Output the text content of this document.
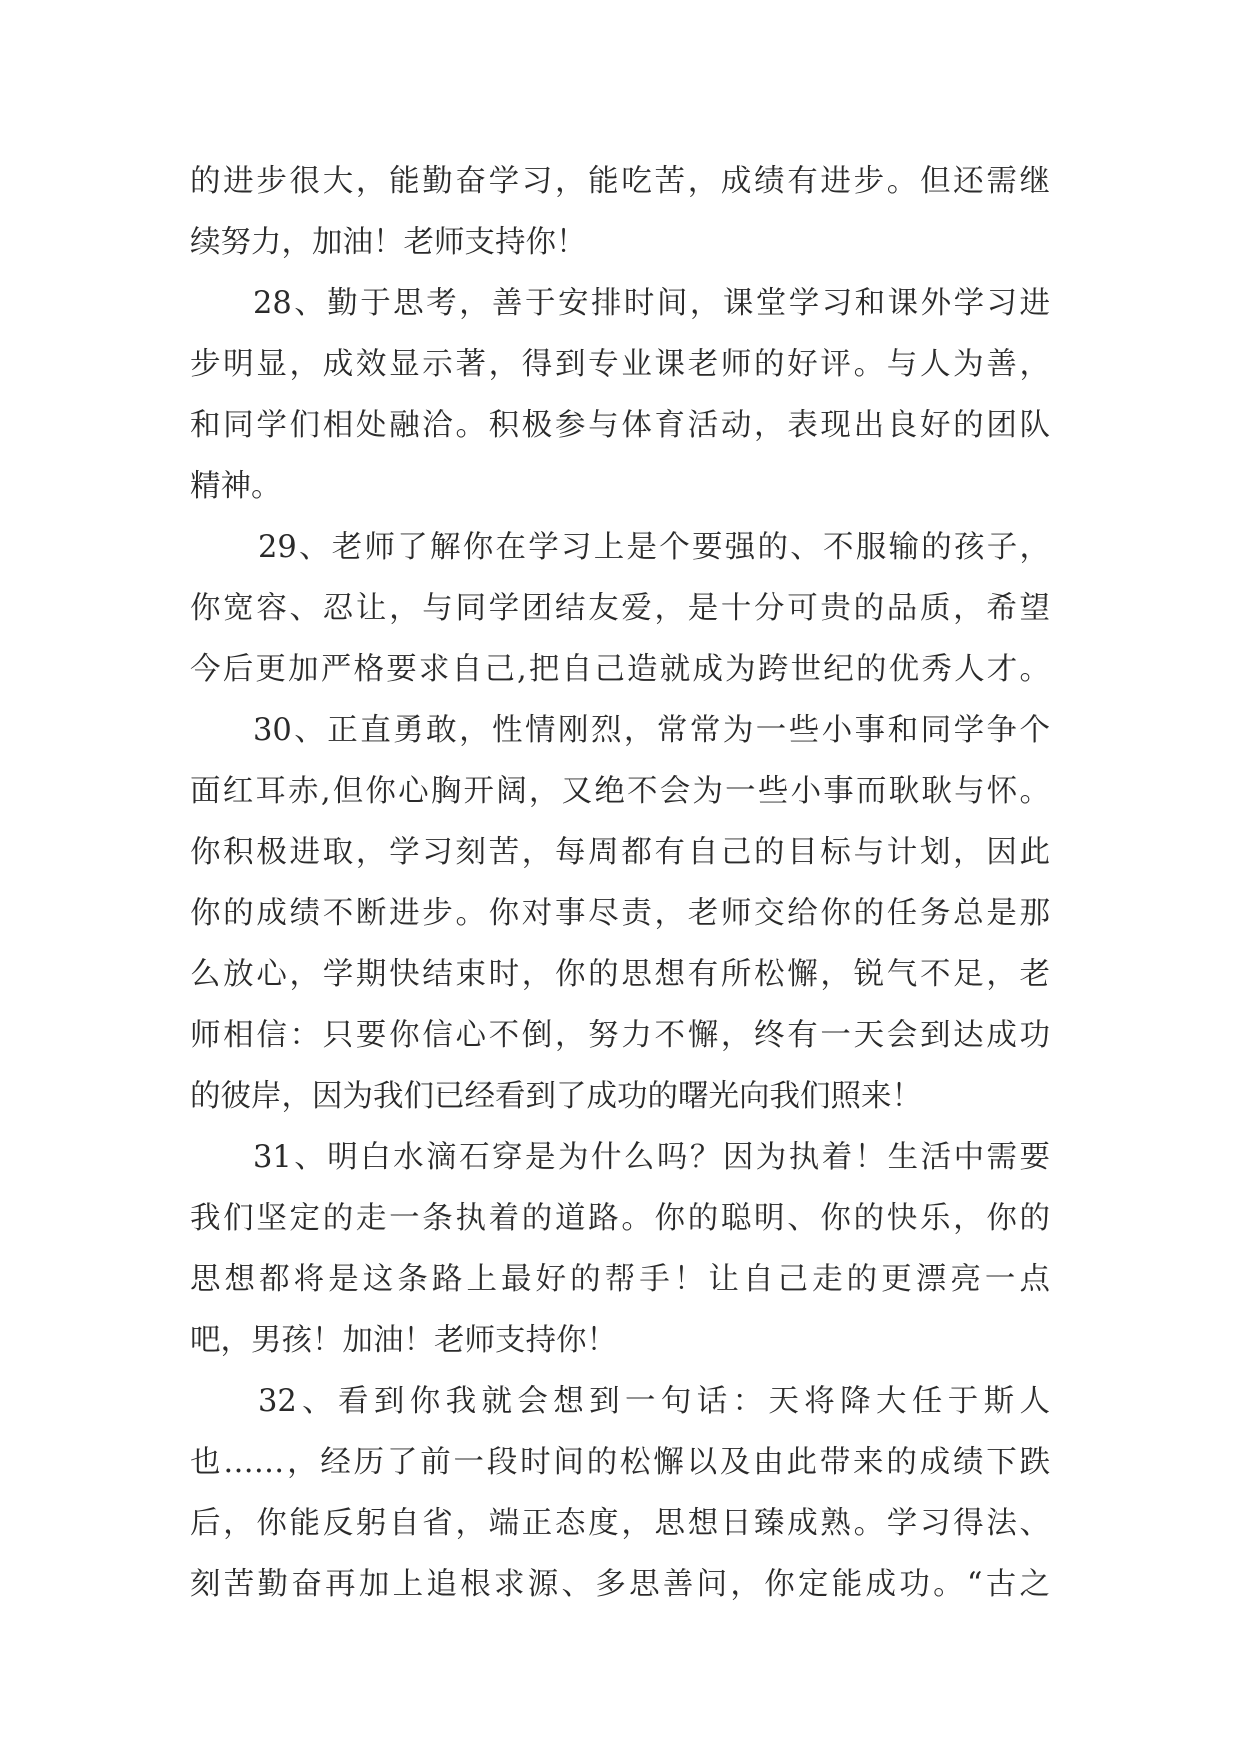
的进步很大，能勤奋学习，能吃苦，成绩有进步。但还需继
续努力，加油！老师支持你！
28、勤于思考，善于安排时间，课堂学习和课外学习进
步明显，成效显示著，得到专业课老师的好评。与人为善，
和同学们相处融洽。积极参与体育活动，表现出良好的团队
精神。
29、老师了解你在学习上是个要强的、不服输的孩子，
你宽容、忍让，与同学团结友爱，是十分可贵的品质，希望
今后更加严格要求自己,把自己造就成为跨世纪的优秀人才。
30、正直勇敢，性情刚烈，常常为一些小事和同学争个
面红耳赤,但你心胸开阔，又绝不会为一些小事而耿耿与怀。
你积极进取，学习刻苦，每周都有自己的目标与计划，因此
你的成绩不断进步。你对事尽责，老师交给你的任务总是那
么放心，学期快结束时，你的思想有所松懈，锐气不足，老
师相信：只要你信心不倒，努力不懈，终有一天会到达成功
的彼岸，因为我们已经看到了成功的曙光向我们照来！
31、明白水滴石穿是为什么吗？因为执着！生活中需要
我们坚定的走一条执着的道路。你的聪明、你的快乐，你的
思想都将是这条路上最好的帮手！让自己走的更漂亮一点
吧，男孩！加油！老师支持你！
32、看到你我就会想到一句话：天将降大任于斯人
也……，经历了前一段时间的松懈以及由此带来的成绩下跌
后，你能反躬自省，端正态度，思想日臻成熟。学习得法、
刻苦勤奋再加上追根求源、多思善问，你定能成功。“古之
